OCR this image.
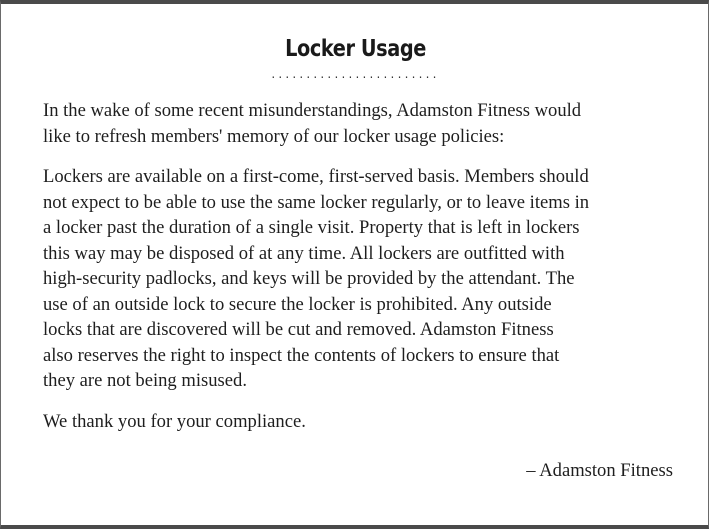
Locker Usage
........................

In the wake of some recent misunderstandings, Adamston Fitness would
like to refresh members' memory of our locker usage policies:

Lockers are available on a first-come, first-served basis. Members should
not expect to be able to use the same locker regularly, or to leave items in
a locker past the duration of a single visit. Property that is left in lockers
this way may be disposed of at any time. All lockers are outfitted with
high-security padlocks, and keys will be provided by the attendant. The
use of an outside lock to secure the locker is prohibited. Any outside
locks that are discovered will be cut and removed. Adamston Fitness
also reserves the right to inspect the contents of lockers to ensure that
they are not being misused.

We thank you for your compliance.

– Adamston Fitness
